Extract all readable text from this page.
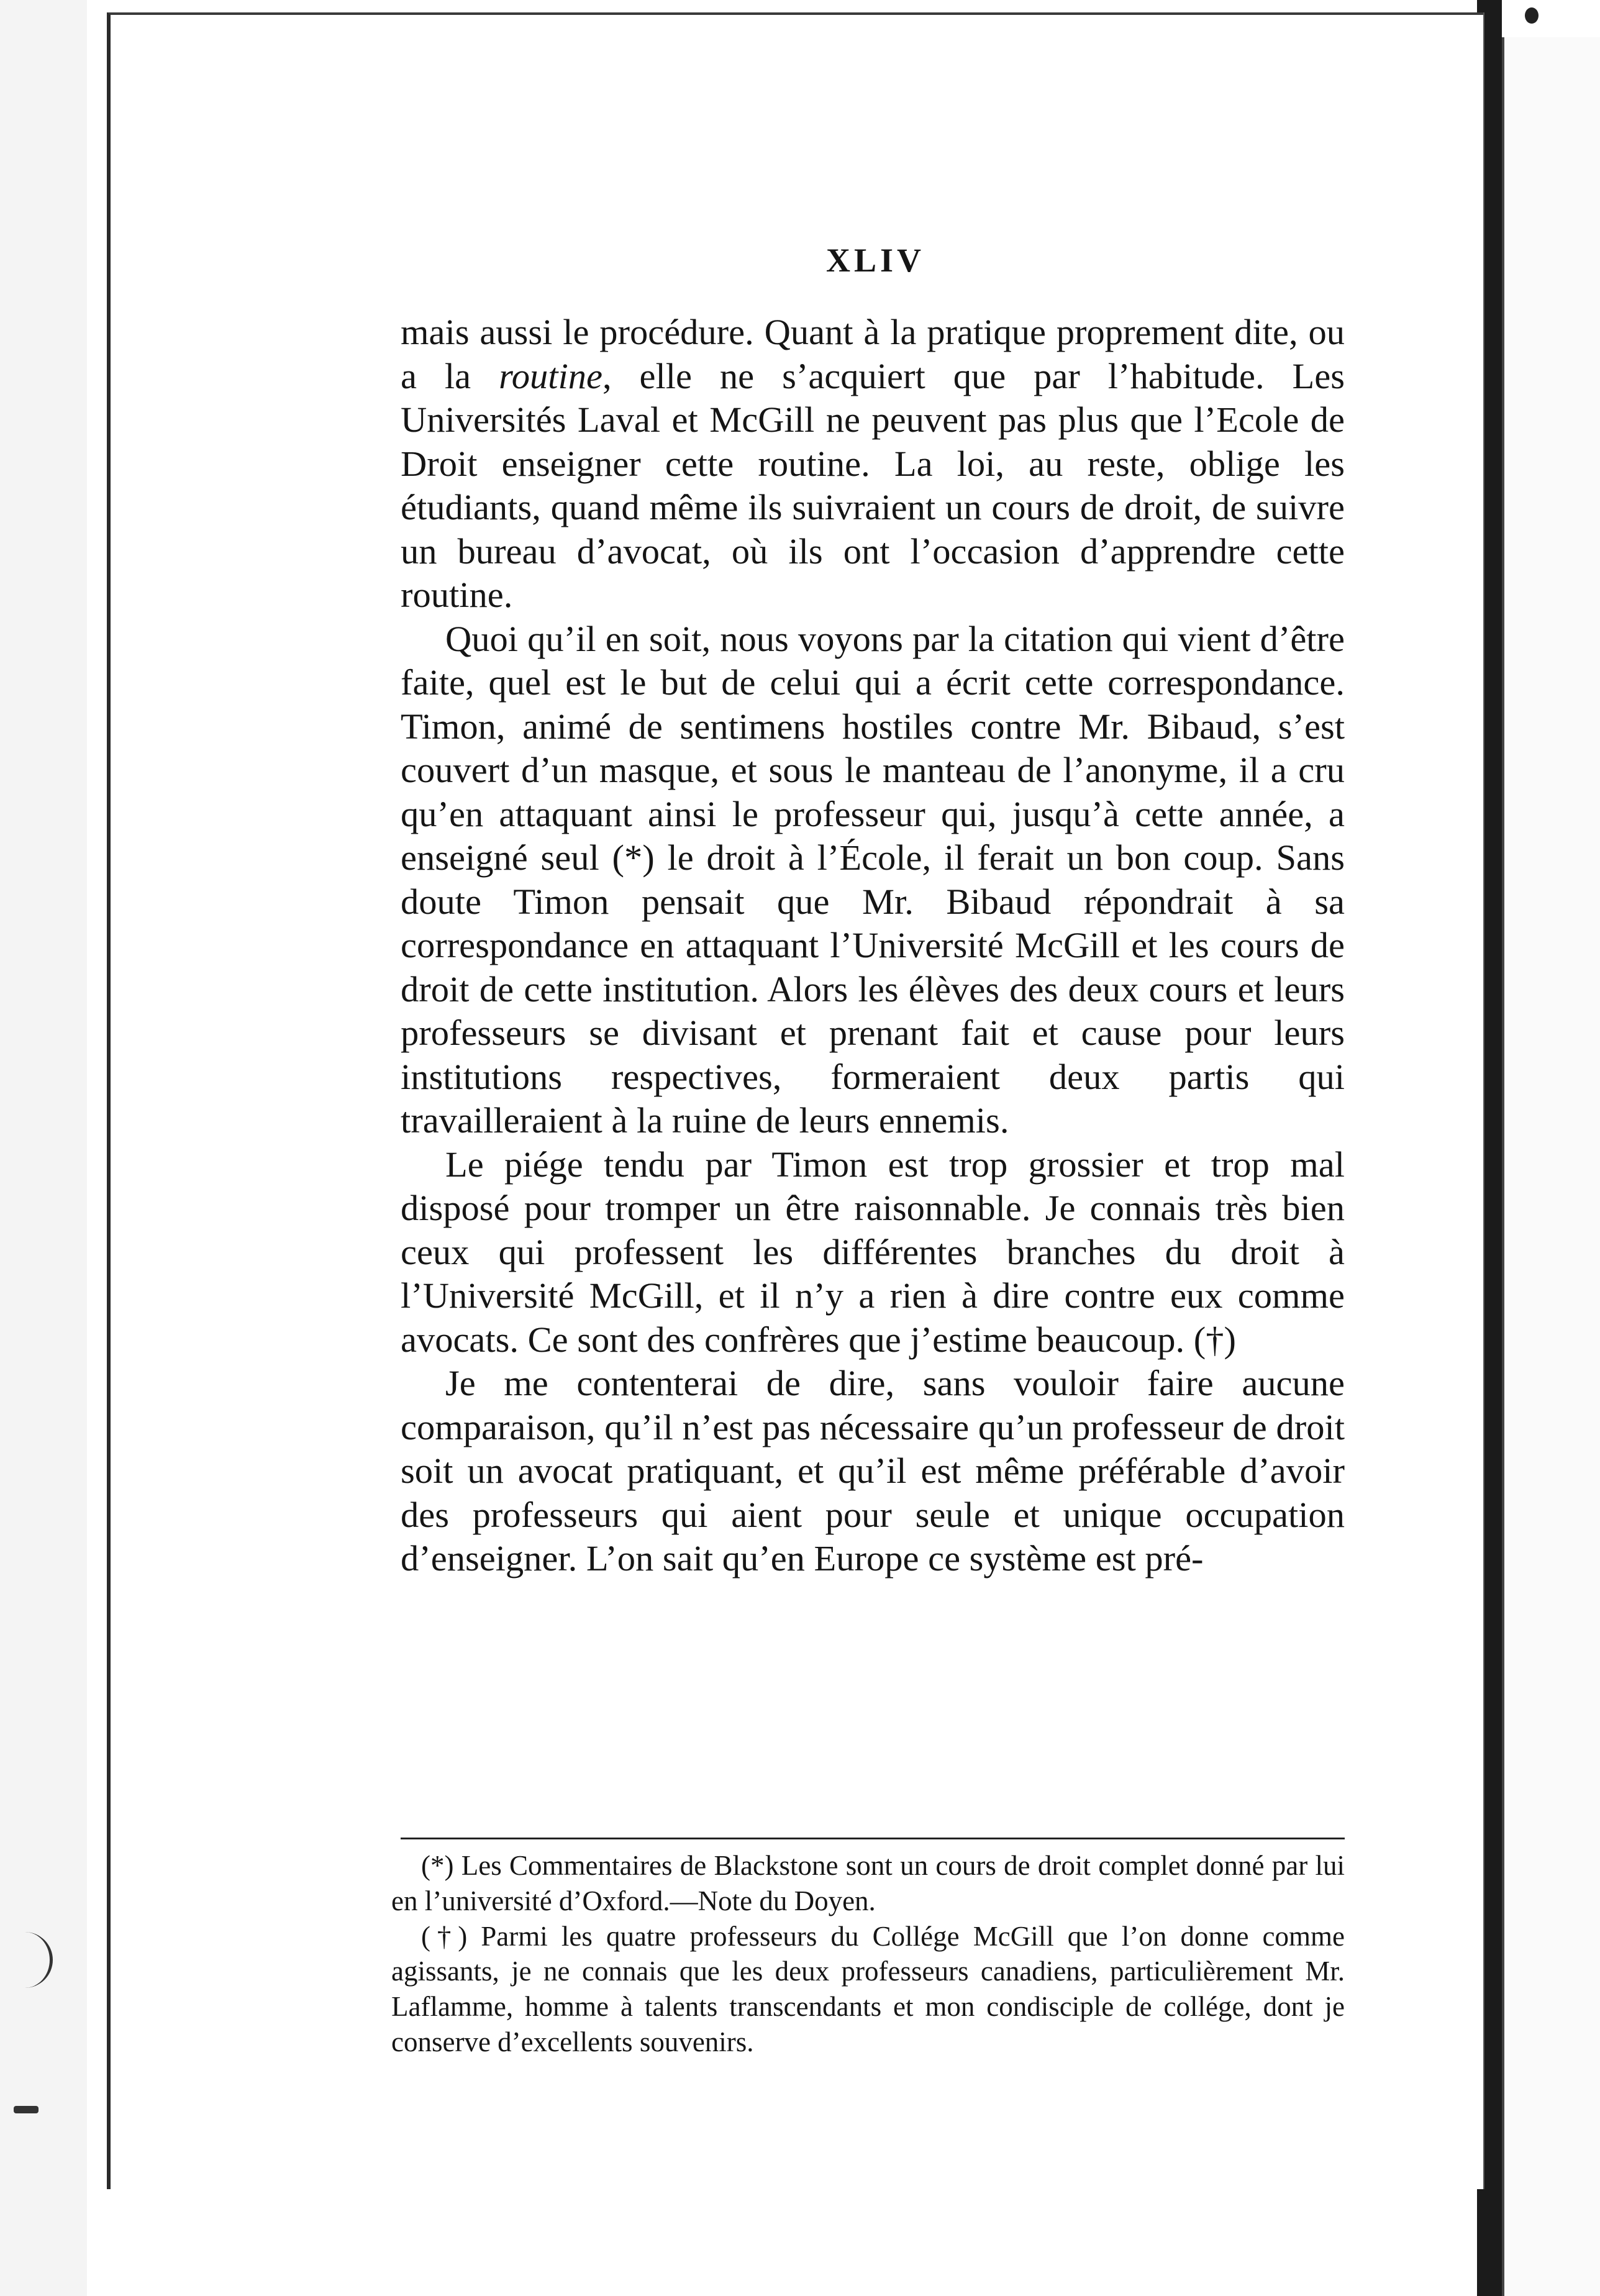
XLIV

mais aussi le procédure. Quant à la pratique proprement dite, ou a la routine, elle ne s’acquiert que par l’habitude. Les Universités Laval et McGill ne peuvent pas plus que l’Ecole de Droit enseigner cette routine. La loi, au reste, oblige les étudiants, quand même ils suivraient un cours de droit, de suivre un bureau d’avocat, où ils ont l’occasion d’apprendre cette routine.

Quoi qu’il en soit, nous voyons par la citation qui vient d’être faite, quel est le but de celui qui a écrit cette correspondance. Timon, animé de sentimens hostiles contre Mr. Bibaud, s’est couvert d’un masque, et sous le manteau de l’anonyme, il a cru qu’en attaquant ainsi le professeur qui, jusqu’à cette année, a enseigné seul (*) le droit à l’École, il ferait un bon coup. Sans doute Timon pensait que Mr. Bibaud répondrait à sa correspondance en attaquant l’Université McGill et les cours de droit de cette institution. Alors les élèves des deux cours et leurs professeurs se divisant et prenant fait et cause pour leurs institutions respectives, formeraient deux partis qui travailleraient à la ruine de leurs ennemis.

Le piége tendu par Timon est trop grossier et trop mal disposé pour tromper un être raisonnable. Je connais très bien ceux qui professent les différentes branches du droit à l’Université McGill, et il n’y a rien à dire contre eux comme avocats. Ce sont des confrères que j’estime beaucoup. (†)

Je me contenterai de dire, sans vouloir faire aucune comparaison, qu’il n’est pas nécessaire qu’un professeur de droit soit un avocat pratiquant, et qu’il est même préférable d’avoir des professeurs qui aient pour seule et unique occupation d’enseigner. L’on sait qu’en Europe ce système est pré-

(*) Les Commentaires de Blackstone sont un cours de droit complet donné par lui en l’université d’Oxford.—Note du Doyen.

(†) Parmi les quatre professeurs du Collége McGill que l’on donne comme agissants, je ne connais que les deux professeurs canadiens, particulièrement Mr. Laflamme, homme à talents transcendants et mon condisciple de collége, dont je conserve d’excellents souvenirs.
